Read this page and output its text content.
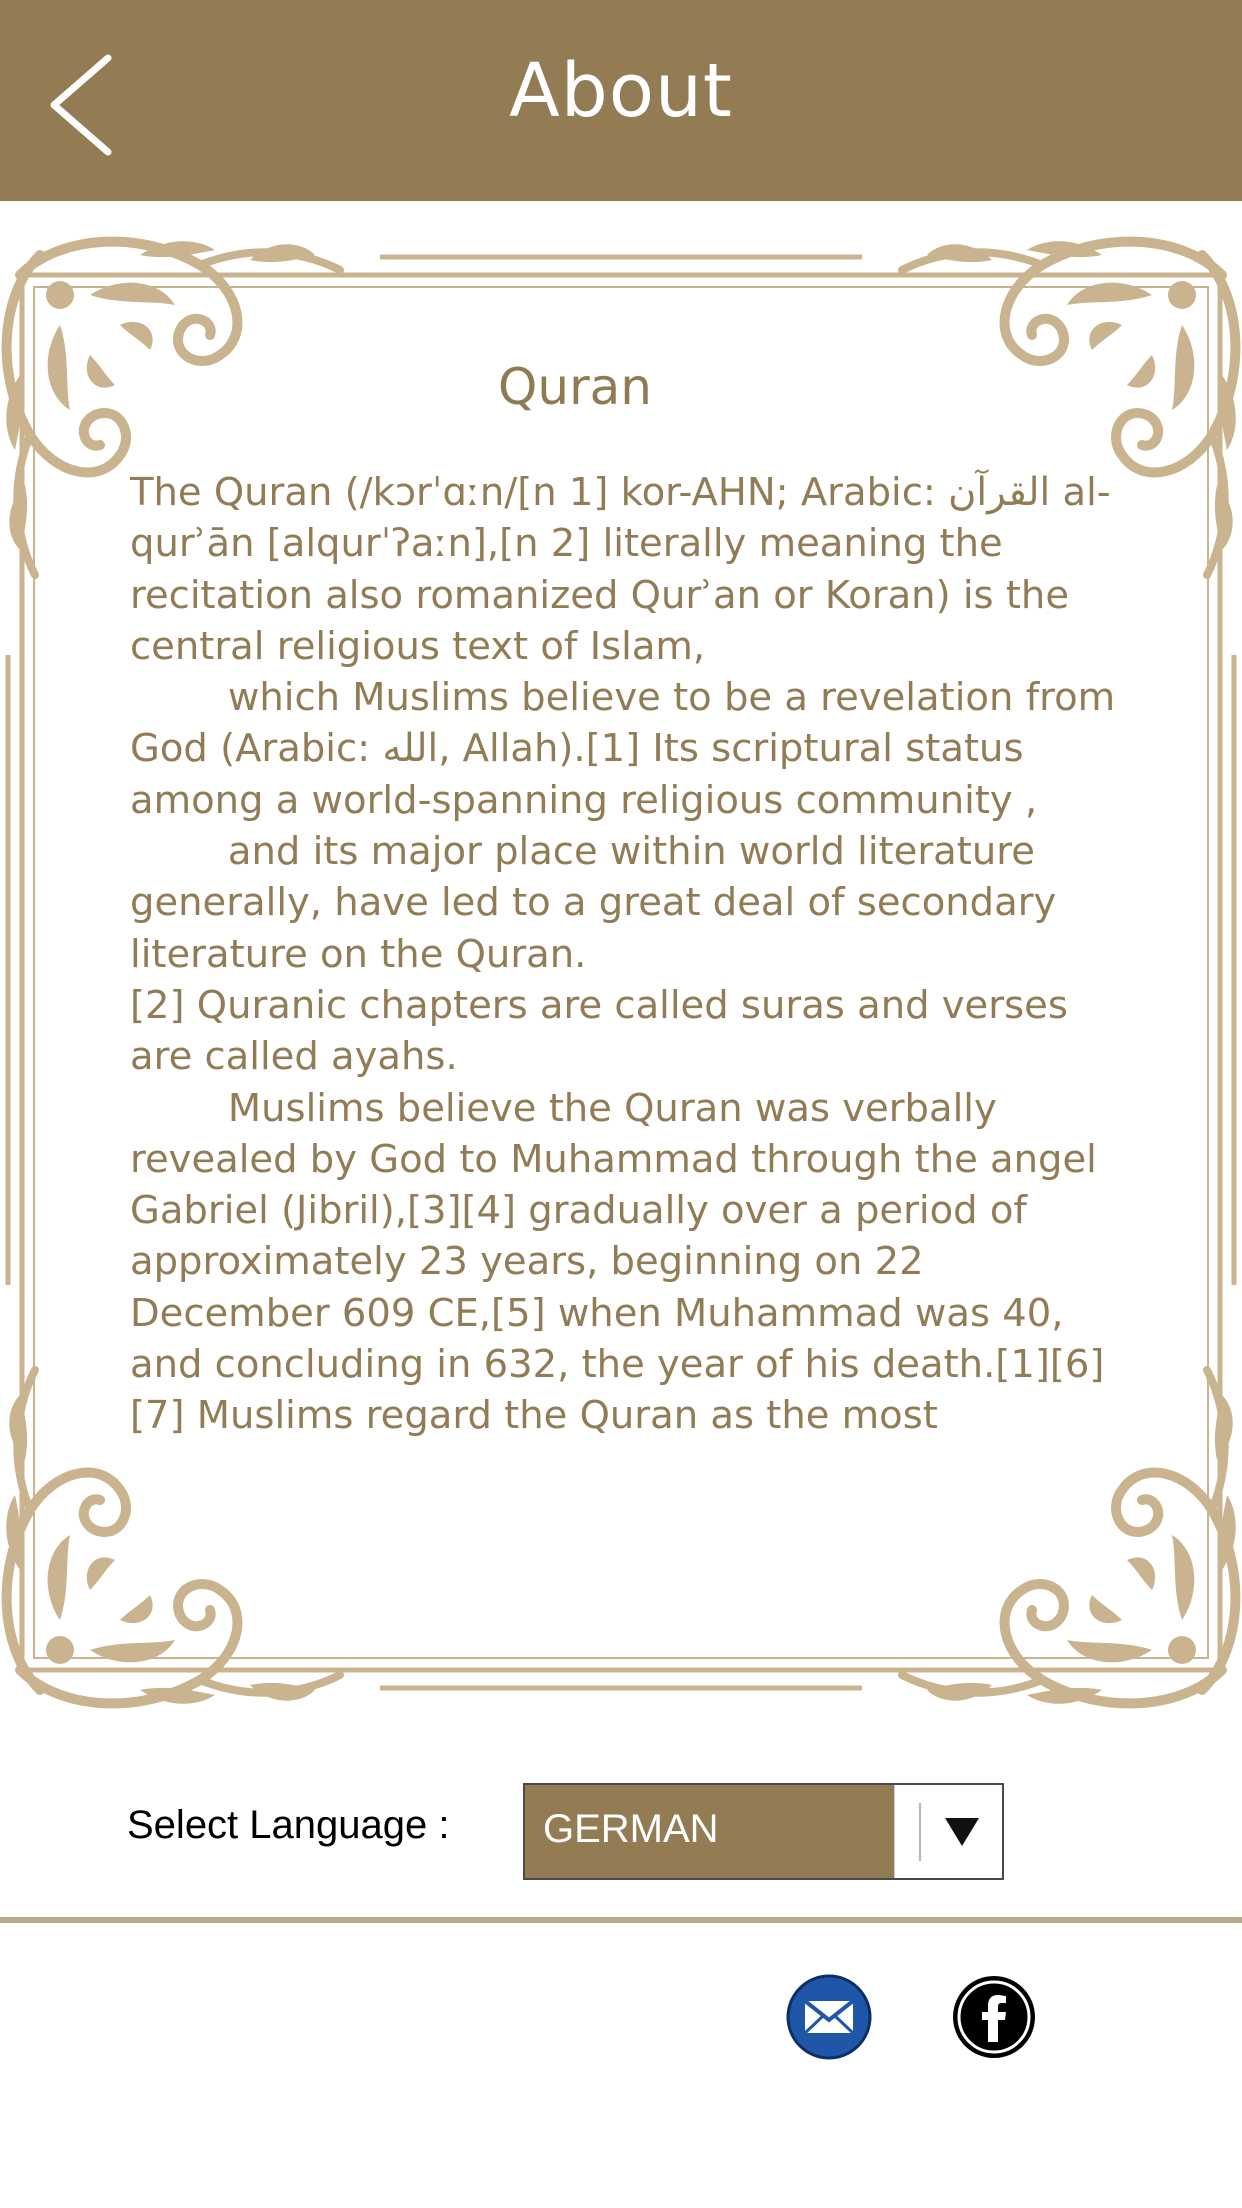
About
Quran
The Quran (/kɔrˈɑːn/[n 1] kor-AHN; Arabic: القرآن al-qurʾān [alqurˈʔaːn],[n 2] literally meaning the recitation also romanized Qurʾan or Koran) is the central religious text of Islam,
which Muslims believe to be a revelation from God (Arabic: الله, Allah).[1] Its scriptural status among a world-spanning religious community ,
and its major place within world literature generally, have led to a great deal of secondary literature on the Quran.
[2] Quranic chapters are called suras and verses are called ayahs.
Muslims believe the Quran was verbally revealed by God to Muhammad through the angel Gabriel (Jibril),[3][4] gradually over a period of approximately 23 years, beginning on 22 December 609 CE,[5] when Muhammad was 40, and concluding in 632, the year of his death.[1][6][7] Muslims regard the Quran as the most
Select Language : GERMAN
